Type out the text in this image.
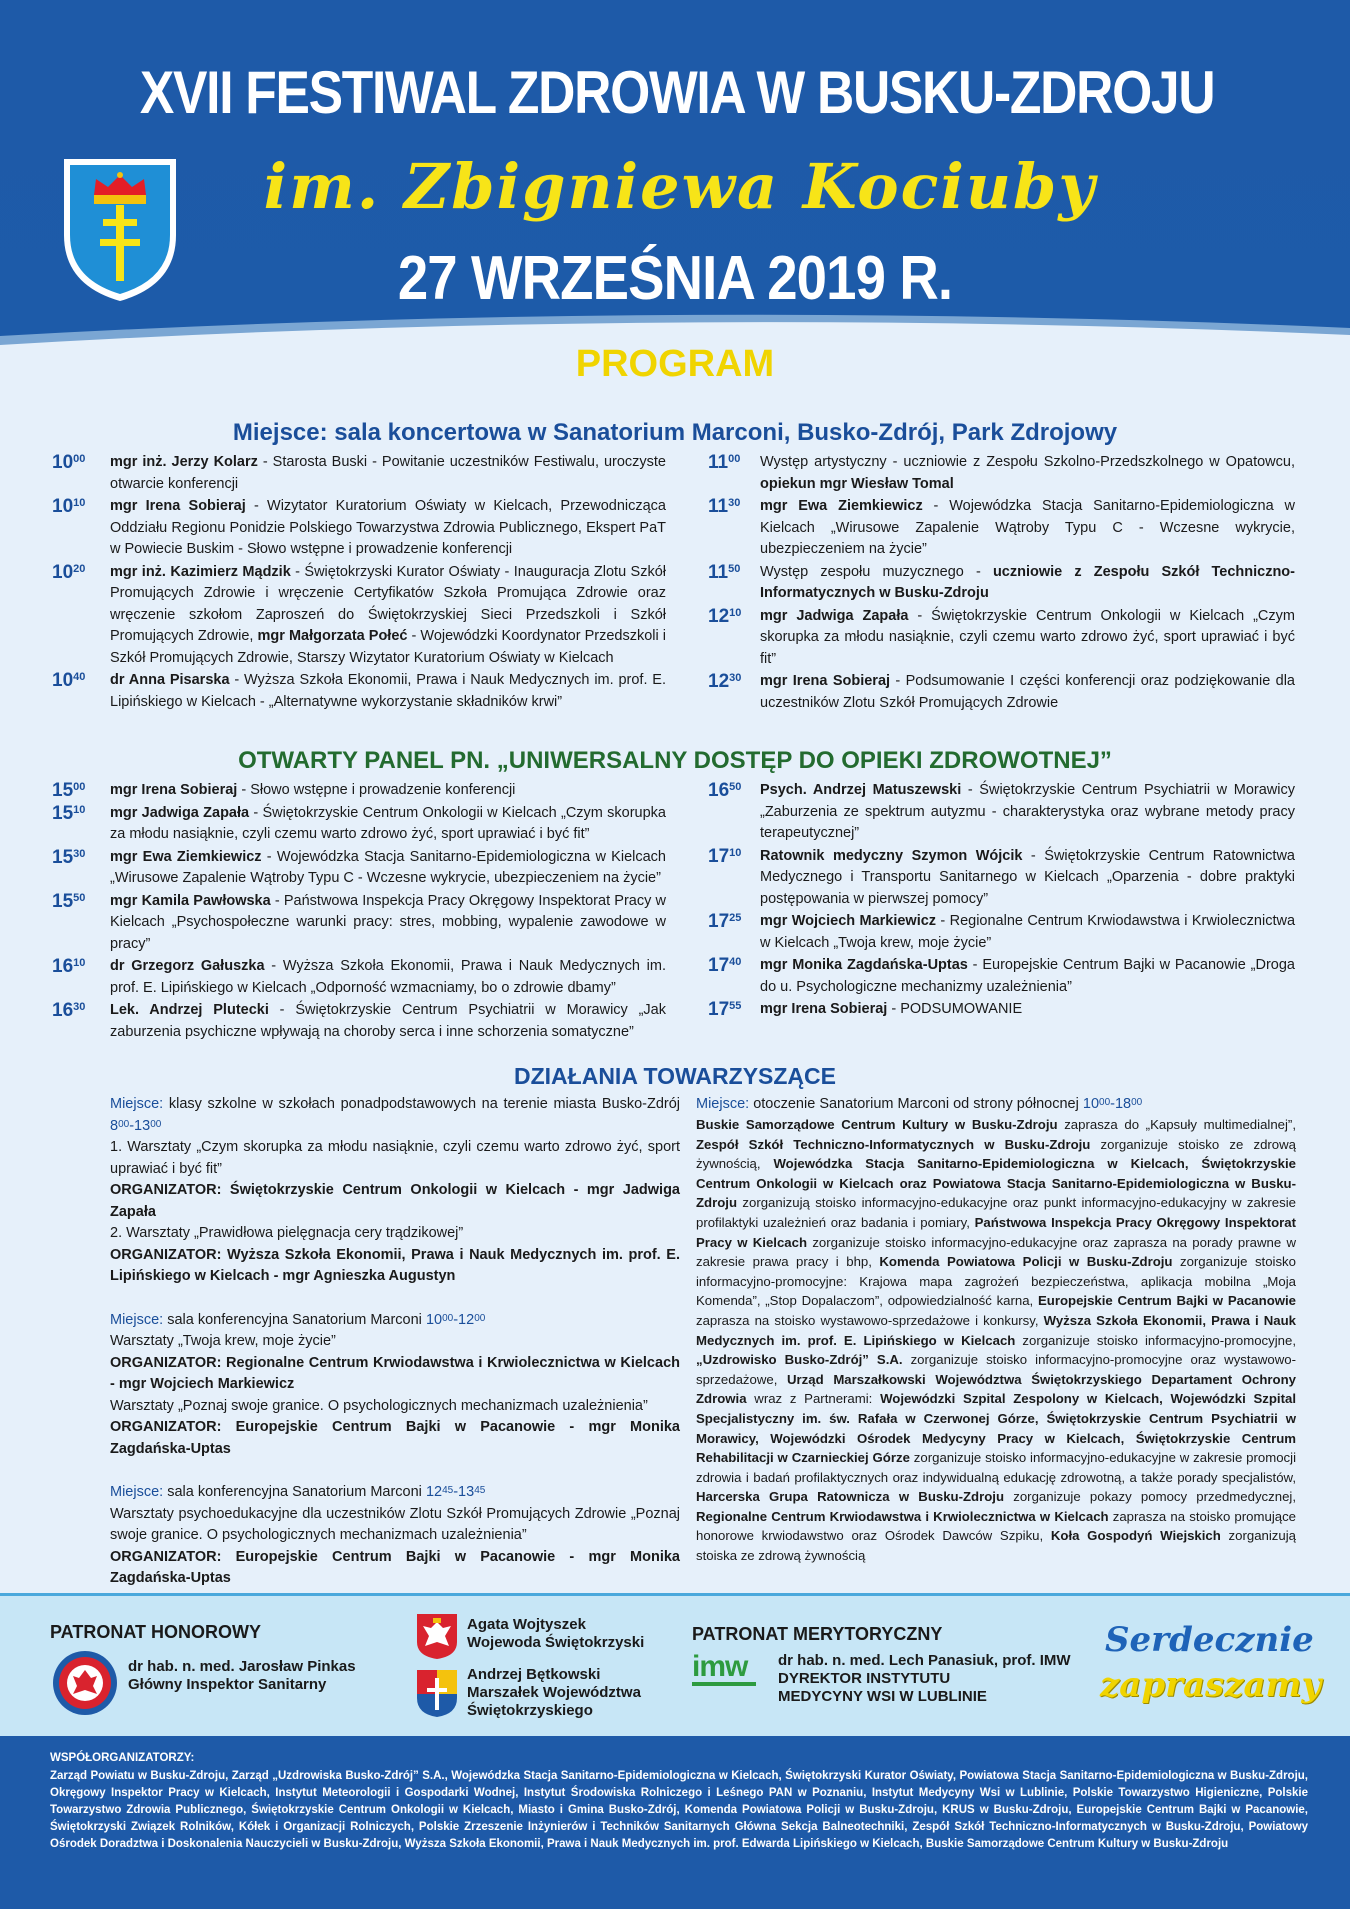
XVII FESTIWAL ZDROWIA W BUSKU-ZDROJU
im. Zbigniewa Kociuby
27 WRZEŚNIA 2019 R.
PROGRAM
Miejsce: sala koncertowa w Sanatorium Marconi, Busko-Zdrój, Park Zdrojowy
$10^{00}$ mgr inż. Jerzy Kolarz - Starosta Buski - Powitanie uczestników Festiwalu, uroczyste otwarcie konferencji
$10^{10}$ mgr Irena Sobieraj - Wizytator Kuratorium Oświaty w Kielcach, Przewodnicząca Oddziału Regionu Ponidzie Polskiego Towarzystwa Zdrowia Publicznego, Ekspert PaT w Powiecie Buskim - Słowo wstępne i prowadzenie konferencji
$10^{20}$ mgr inż. Kazimierz Mądzik - Świętokrzyski Kurator Oświaty - Inauguracja Zlotu Szkół Promujących Zdrowie i wręczenie Certyfikatów Szkoła Promująca Zdrowie oraz wręczenie szkołom Zaproszeń do Świętokrzyskiej Sieci Przedszkoli i Szkół Promujących Zdrowie, mgr Małgorzata Połeć - Wojewódzki Koordynator Przedszkoli i Szkół Promujących Zdrowie, Starszy Wizytator Kuratorium Oświaty w Kielcach
$10^{40}$ dr Anna Pisarska - Wyższa Szkoła Ekonomii, Prawa i Nauk Medycznych im. prof. E. Lipińskiego w Kielcach - „Alternatywne wykorzystanie składników krwi”
$11^{00}$ Występ artystyczny - uczniowie z Zespołu Szkolno-Przedszkolnego w Opatowcu, opiekun mgr Wiesław Tomal
$11^{30}$ mgr Ewa Ziemkiewicz - Wojewódzka Stacja Sanitarno-Epidemiologiczna w Kielcach „Wirusowe Zapalenie Wątroby Typu C - Wczesne wykrycie, ubezpieczeniem na życie”
$11^{50}$ Występ zespołu muzycznego - uczniowie z Zespołu Szkół Techniczno-Informatycznych w Busku-Zdroju
$12^{10}$ mgr Jadwiga Zapała - Świętokrzyskie Centrum Onkologii w Kielcach „Czym skorupka za młodu nasiąknie, czyli czemu warto zdrowo żyć, sport uprawiać i być fit”
$12^{30}$ mgr Irena Sobieraj - Podsumowanie I części konferencji oraz podziękowanie dla uczestników Zlotu Szkół Promujących Zdrowie
OTWARTY PANEL PN. „UNIWERSALNY DOSTĘP DO OPIEKI ZDROWOTNEJ”
$15^{00}$ mgr Irena Sobieraj - Słowo wstępne i prowadzenie konferencji
$15^{10}$ mgr Jadwiga Zapała - Świętokrzyskie Centrum Onkologii w Kielcach „Czym skorupka za młodu nasiąknie, czyli czemu warto zdrowo żyć, sport uprawiać i być fit”
$15^{30}$ mgr Ewa Ziemkiewicz - Wojewódzka Stacja Sanitarno-Epidemiologiczna w Kielcach „Wirusowe Zapalenie Wątroby Typu C - Wczesne wykrycie, ubezpieczeniem na życie”
$15^{50}$ mgr Kamila Pawłowska - Państwowa Inspekcja Pracy Okręgowy Inspektorat Pracy w Kielcach „Psychospołeczne warunki pracy: stres, mobbing, wypalenie zawodowe w pracy”
$16^{10}$ dr Grzegorz Gałuszka - Wyższa Szkoła Ekonomii, Prawa i Nauk Medycznych im. prof. E. Lipińskiego w Kielcach „Odporność wzmacniamy, bo o zdrowie dbamy”
$16^{30}$ Lek. Andrzej Plutecki - Świętokrzyskie Centrum Psychiatrii w Morawicy „Jak zaburzenia psychiczne wpływają na choroby serca i inne schorzenia somatyczne”
$16^{50}$ Psych. Andrzej Matuszewski - Świętokrzyskie Centrum Psychiatrii w Morawicy „Zaburzenia ze spektrum autyzmu - charakterystyka oraz wybrane metody pracy terapeutycznej”
$17^{10}$ Ratownik medyczny Szymon Wójcik - Świętokrzyskie Centrum Ratownictwa Medycznego i Transportu Sanitarnego w Kielcach „Oparzenia - dobre praktyki postępowania w pierwszej pomocy”
$17^{25}$ mgr Wojciech Markiewicz - Regionalne Centrum Krwiodawstwa i Krwiolecznictwa w Kielcach „Twoja krew, moje życie”
$17^{40}$ mgr Monika Zagdańska-Uptas - Europejskie Centrum Bajki w Pacanowie „Droga do u. Psychologiczne mechanizmy uzależnienia”
$17^{55}$ mgr Irena Sobieraj - PODSUMOWANIE
DZIAŁANIA TOWARZYSZĄCE
Miejsce: klasy szkolne w szkołach ponadpodstawowych na terenie miasta Busko-Zdrój $8^{00}-13^{00}$
1. Warsztaty „Czym skorupka za młodu nasiąknie, czyli czemu warto zdrowo żyć, sport uprawiać i być fit”
ORGANIZATOR: Świętokrzyskie Centrum Onkologii w Kielcach - mgr Jadwiga Zapała
2. Warsztaty „Prawidłowa pielęgnacja cery trądzikowej”
ORGANIZATOR: Wyższa Szkoła Ekonomii, Prawa i Nauk Medycznych im. prof. E. Lipińskiego w Kielcach - mgr Agnieszka Augustyn
Miejsce: sala konferencyjna Sanatorium Marconi $10^{00}-12^{00}$
Warsztaty „Twoja krew, moje życie”
ORGANIZATOR: Regionalne Centrum Krwiodawstwa i Krwiolecznictwa w Kielcach - mgr Wojciech Markiewicz
Warsztaty „Poznaj swoje granice. O psychologicznych mechanizmach uzależnienia”
ORGANIZATOR: Europejskie Centrum Bajki w Pacanowie - mgr Monika Zagdańska-Uptas
Miejsce: sala konferencyjna Sanatorium Marconi $12^{45}-13^{45}$
Warsztaty psychoedukacyjne dla uczestników Zlotu Szkół Promujących Zdrowie „Poznaj swoje granice. O psychologicznych mechanizmach uzależnienia”
ORGANIZATOR: Europejskie Centrum Bajki w Pacanowie - mgr Monika Zagdańska-Uptas
Miejsce: otoczenie Sanatorium Marconi od strony północnej $10^{00}-18^{00}$
Buskie Samorządowe Centrum Kultury w Busku-Zdroju zaprasza do „Kapsuły multimedialnej”, Zespół Szkół Techniczno-Informatycznych w Busku-Zdroju zorganizuje stoisko ze zdrową żywnością, Wojewódzka Stacja Sanitarno-Epidemiologiczna w Kielcach, Świętokrzyskie Centrum Onkologii w Kielcach oraz Powiatowa Stacja Sanitarno-Epidemiologiczna w Busku-Zdroju zorganizują stoisko informacyjno-edukacyjne oraz punkt informacyjno-edukacyjny w zakresie profilaktyki uzależnień oraz badania i pomiary, Państwowa Inspekcja Pracy Okręgowy Inspektorat Pracy w Kielcach zorganizuje stoisko informacyjno-edukacyjne oraz zaprasza na porady prawne w zakresie prawa pracy i bhp, Komenda Powiatowa Policji w Busku-Zdroju zorganizuje stoisko informacyjno-promocyjne: Krajowa mapa zagrożeń bezpieczeństwa, aplikacja mobilna „Moja Komenda”, „Stop Dopalaczom”, odpowiedzialność karna, Europejskie Centrum Bajki w Pacanowie zaprasza na stoisko wystawowo-sprzedażowe i konkursy, Wyższa Szkoła Ekonomii, Prawa i Nauk Medycznych im. prof. E. Lipińskiego w Kielcach zorganizuje stoisko informacyjno-promocyjne, „Uzdrowisko Busko-Zdrój” S.A. zorganizuje stoisko informacyjno-promocyjne oraz wystawowo-sprzedażowe, Urząd Marszałkowski Województwa Świętokrzyskiego Departament Ochrony Zdrowia wraz z Partnerami: Wojewódzki Szpital Zespolony w Kielcach, Wojewódzki Szpital Specjalistyczny im. św. Rafała w Czerwonej Górze, Świętokrzyskie Centrum Psychiatrii w Morawicy, Wojewódzki Ośrodek Medycyny Pracy w Kielcach, Świętokrzyskie Centrum Rehabilitacji w Czarnieckiej Górze zorganizuje stoisko informacyjno-edukacyjne w zakresie promocji zdrowia i badań profilaktycznych oraz indywidualną edukację zdrowotną, a także porady specjalistów, Harcerska Grupa Ratownicza w Busku-Zdroju zorganizuje pokazy pomocy przedmedycznej, Regionalne Centrum Krwiodawstwa i Krwiolecznictwa w Kielcach zaprasza na stoisko promujące honorowe krwiodawstwo oraz Ośrodek Dawców Szpiku, Koła Gospodyń Wiejskich zorganizują stoiska ze zdrową żywnością
PATRONAT HONOROWY
dr hab. n. med. Jarosław Pinkas
Główny Inspektor Sanitarny
Agata Wojtyszek
Wojewoda Świętokrzyski
Andrzej Bętkowski
Marszałek Województwa
Świętokrzyskiego
PATRONAT MERYTORYCZNY
imw	dr hab. n. med. Lech Panasiuk, prof. IMW
DYREKTOR INSTYTUTU
MEDYCYNY WSI W LUBLINIE
Serdecznie
zapraszamy
WSPÓŁORGANIZATORZY:
Zarząd Powiatu w Busku-Zdroju, Zarząd „Uzdrowiska Busko-Zdrój” S.A., Wojewódzka Stacja Sanitarno-Epidemiologiczna w Kielcach, Świętokrzyski Kurator Oświaty, Powiatowa Stacja Sanitarno-Epidemiologiczna w Busku-Zdroju, Okręgowy Inspektor Pracy w Kielcach, Instytut Meteorologii i Gospodarki Wodnej, Instytut Środowiska Rolniczego i Leśnego PAN w Poznaniu, Instytut Medycyny Wsi w Lublinie, Polskie Towarzystwo Higieniczne, Polskie Towarzystwo Zdrowia Publicznego, Świętokrzyskie Centrum Onkologii w Kielcach, Miasto i Gmina Busko-Zdrój, Komenda Powiatowa Policji w Busku-Zdroju, KRUS w Busku-Zdroju, Europejskie Centrum Bajki w Pacanowie, Świętokrzyski Związek Rolników, Kółek i Organizacji Rolniczych, Polskie Zrzeszenie Inżynierów i Techników Sanitarnych Główna Sekcja Balneotechniki, Zespół Szkół Techniczno-Informatycznych w Busku-Zdroju, Powiatowy Ośrodek Doradztwa i Doskonalenia Nauczycieli w Busku-Zdroju, Wyższa Szkoła Ekonomii, Prawa i Nauk Medycznych im. prof. Edwarda Lipińskiego w Kielcach, Buskie Samorządowe Centrum Kultury w Busku-Zdroju
